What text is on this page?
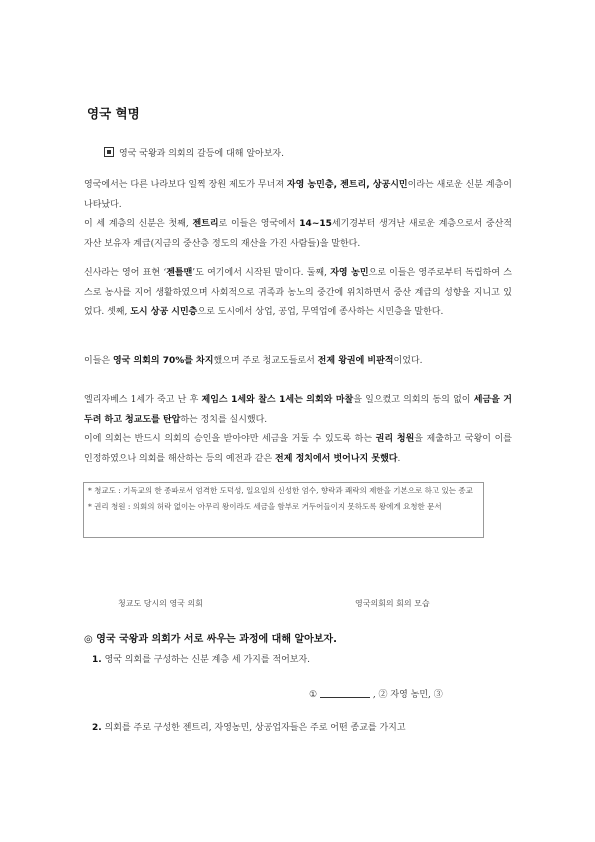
영국 혁명
영국 국왕과 의회의 갈등에 대해 알아보자.
영국에서는 다른 나라보다 일찍 장원 제도가 무너져 자영 농민층, 젠트리, 상공시민이라는 새로운 신분 계층이 나타났다.
이 세 계층의 신분은 첫째, 젠트리로 이들은 영국에서 14~15세기경부터 생겨난 새로운 계층으로서 중산적 자산 보유자 계급(지금의 중산층 정도의 재산을 가진 사람들)을 말한다.
신사라는 영어 표현 ‘젠틀맨’도 여기에서 시작된 말이다. 둘째, 자영 농민으로 이들은 영주로부터 독립하여 스스로 농사를 지어 생활하였으며 사회적으로 귀족과 농노의 중간에 위치하면서 중산 계급의 성향을 지니고 있었다. 셋째, 도시 상공 시민층으로 도시에서 상업, 공업, 무역업에 종사하는 시민층을 말한다.
이들은 영국 의회의 70%를 차지했으며 주로 청교도들로서 전제 왕권에 비판적이었다.
엘리자베스 1세가 죽고 난 후 제임스 1세와 찰스 1세는 의회와 마찰을 일으켰고 의회의 동의 없이 세금을 거두려 하고 청교도를 탄압하는 정치를 실시했다.
이에 의회는 반드시 의회의 승인을 받아야만 세금을 거둘 수 있도록 하는 권리 청원을 제출하고 국왕이 이를 인정하였으나 의회를 해산하는 등의 예전과 같은 전제 정치에서 벗어나지 못했다.
* 청교도 : 기독교의 한 종파로서 엄격한 도덕성, 일요일의 신성한 엄수, 향락과 쾌락의 제한을 기본으로 하고 있는 종교
* 권리 청원 : 의회의 허락 없이는 아무리 왕이라도 세금을 함부로 거두어들이지 못하도록 왕에게 요청한 문서
청교도 당시의 영국 의회	영국의회의 회의 모습
◎ 영국 국왕과 의회가 서로 싸우는 과정에 대해 알아보자.
1. 영국 의회를 구성하는 신분 계층 세 가지를 적어보자.
①	, ② 자영 농민, ③
2. 의회를 주로 구성한 젠트리, 자영농민, 상공업자들은 주로 어떤 종교를 가지고
